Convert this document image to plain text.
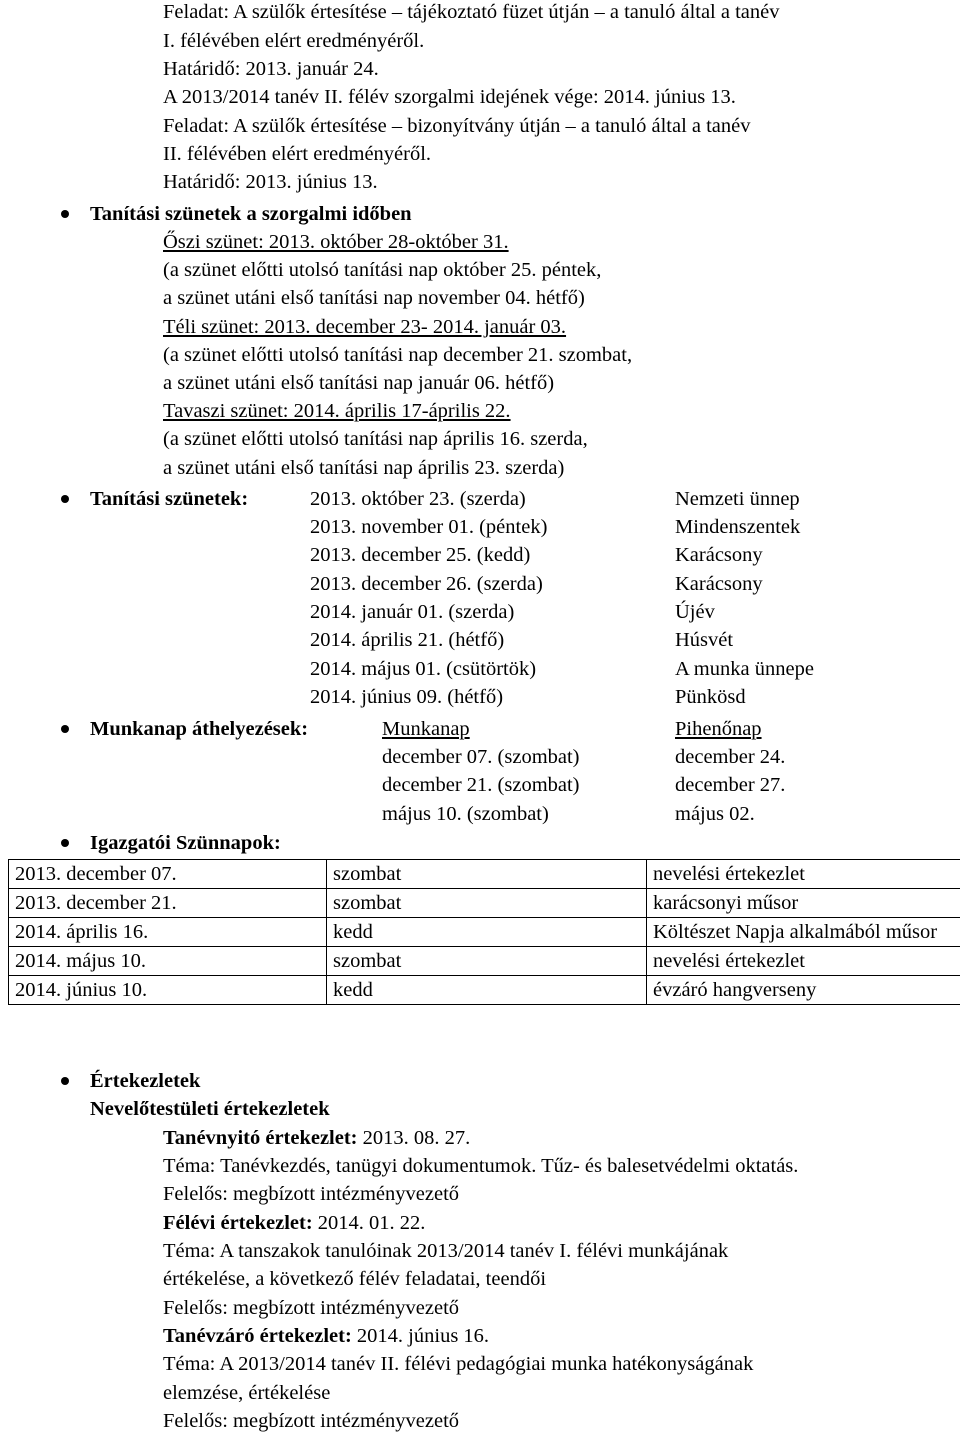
Feladat: A szülők értesítése – tájékoztató füzet útján – a tanuló által a tanév
I. félévében elért eredményéről.
Határidő: 2013. január 24.
A 2013/2014 tanév II. félév szorgalmi idejének vége: 2014. június 13.
Feladat: A szülők értesítése – bizonyítvány útján – a tanuló által a tanév
II. félévében elért eredményéről.
Határidő: 2013. június 13.
Tanítási szünetek a szorgalmi időben
Őszi szünet: 2013. október 28-október 31.
(a szünet előtti utolsó tanítási nap október 25. péntek,
a szünet utáni első tanítási nap november 04. hétfő)
Téli szünet: 2013. december 23- 2014. január 03.
(a szünet előtti utolsó tanítási nap december 21. szombat,
a szünet utáni első tanítási nap január 06. hétfő)
Tavaszi szünet: 2014. április 17-április 22.
(a szünet előtti utolsó tanítási nap április 16. szerda,
a szünet utáni első tanítási nap április 23. szerda)
Tanítási szünetek:	2013. október 23. (szerda)	Nemzeti ünnep
2013. november 01. (péntek)	Mindenszentek
2013. december 25. (kedd)	Karácsony
2013. december 26. (szerda)	Karácsony
2014. január 01. (szerda)	Újév
2014. április 21. (hétfő)	Húsvét
2014. május 01. (csütörtök)	A munka ünnepe
2014. június 09. (hétfő)	Pünkösd
Munkanap áthelyezések:	Munkanap	Pihenőnap
december 07. (szombat)	december 24.
december 21. (szombat)	december 27.
május 10. (szombat)	május 02.
Igazgatói Szünnapok:
2013. december 07.	szombat	nevelési értekezlet
2013. december 21.	szombat	karácsonyi műsor
2014. április 16.	kedd	Költészet Napja alkalmából műsor
2014. május 10.	szombat	nevelési értekezlet
2014. június 10.	kedd	évzáró hangverseny
Értekezletek
Nevelőtestületi értekezletek
Tanévnyitó értekezlet: 2013. 08. 27.
Téma: Tanévkezdés, tanügyi dokumentumok. Tűz- és balesetvédelmi oktatás.
Felelős: megbízott intézményvezető
Félévi értekezlet: 2014. 01. 22.
Téma: A tanszakok tanulóinak 2013/2014 tanév I. félévi munkájának
értékelése, a következő félév feladatai, teendői
Felelős: megbízott intézményvezető
Tanévzáró értekezlet: 2014. június 16.
Téma: A 2013/2014 tanév II. félévi pedagógiai munka hatékonyságának
elemzése, értékelése
Felelős: megbízott intézményvezető
